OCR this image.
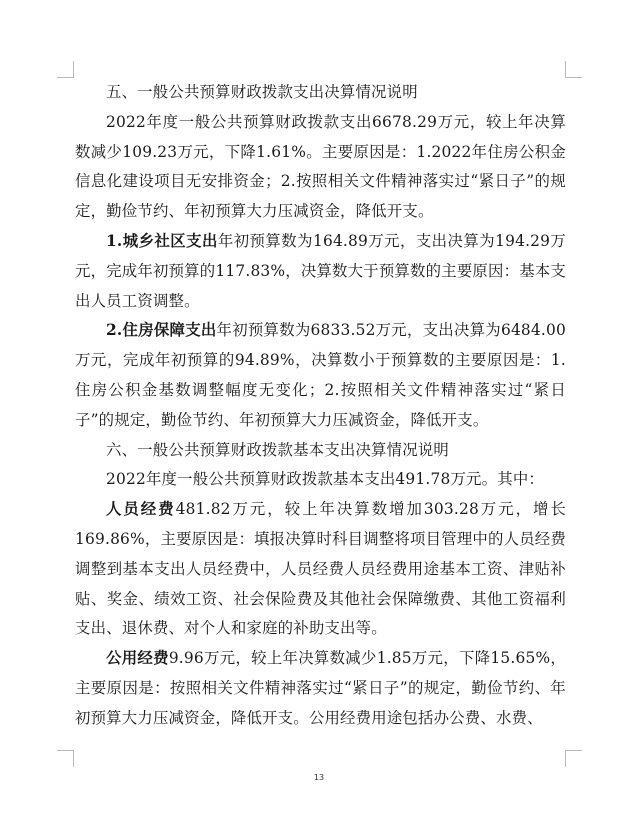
五、一般公共预算财政拨款支出决算情况说明

2022年度一般公共预算财政拨款支出6678.29万元，较上年决算数减少109.23万元，下降1.61%。主要原因是：1.2022年住房公积金信息化建设项目无安排资金；2.按照相关文件精神落实过“紧日子”的规定，勤俭节约、年初预算大力压减资金，降低开支。

1.城乡社区支出年初预算数为164.89万元，支出决算为194.29万元，完成年初预算的117.83%，决算数大于预算数的主要原因：基本支出人员工资调整。

2.住房保障支出年初预算数为6833.52万元，支出决算为6484.00万元，完成年初预算的94.89%，决算数小于预算数的主要原因是：1.住房公积金基数调整幅度无变化；2.按照相关文件精神落实过“紧日子”的规定，勤俭节约、年初预算大力压减资金，降低开支。

六、一般公共预算财政拨款基本支出决算情况说明

2022年度一般公共预算财政拨款基本支出491.78万元。其中：

人员经费481.82万元，较上年决算数增加303.28万元，增长169.86%，主要原因是：填报决算时科目调整将项目管理中的人员经费调整到基本支出人员经费中，人员经费人员经费用途基本工资、津贴补贴、奖金、绩效工资、社会保险费及其他社会保障缴费、其他工资福利支出、退休费、对个人和家庭的补助支出等。

公用经费9.96万元，较上年决算数减少1.85万元，下降15.65%，主要原因是：按照相关文件精神落实过“紧日子”的规定，勤俭节约、年初预算大力压减资金，降低开支。公用经费用途包括办公费、水费、

13
